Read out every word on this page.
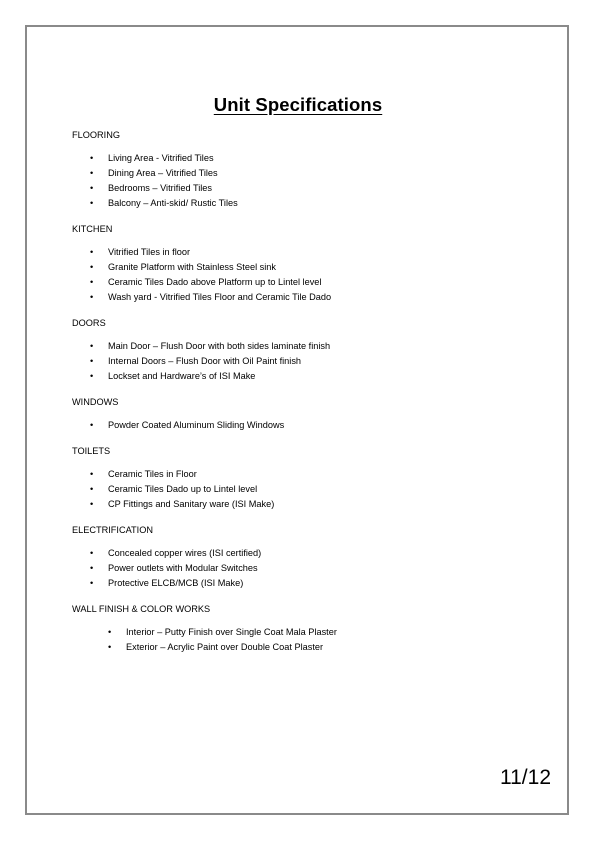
Unit Specifications
FLOORING
• Living Area - Vitrified Tiles
• Dining Area – Vitrified Tiles
• Bedrooms – Vitrified Tiles
• Balcony – Anti-skid/ Rustic Tiles
KITCHEN
• Vitrified Tiles in floor
• Granite Platform with Stainless Steel sink
• Ceramic Tiles Dado above Platform up to Lintel level
• Wash yard - Vitrified Tiles Floor and Ceramic Tile Dado
DOORS
• Main Door – Flush Door with both sides laminate finish
• Internal Doors – Flush Door with Oil Paint finish
• Lockset and Hardware’s of ISI Make
WINDOWS
• Powder Coated Aluminum Sliding Windows
TOILETS
• Ceramic Tiles in Floor
• Ceramic Tiles Dado up to Lintel level
• CP Fittings and Sanitary ware (ISI Make)
ELECTRIFICATION
• Concealed copper wires (ISI certified)
• Power outlets with Modular Switches
• Protective ELCB/MCB (ISI Make)
WALL FINISH & COLOR WORKS
• Interior – Putty Finish over Single Coat Mala Plaster
• Exterior – Acrylic Paint over Double Coat Plaster
11/12
